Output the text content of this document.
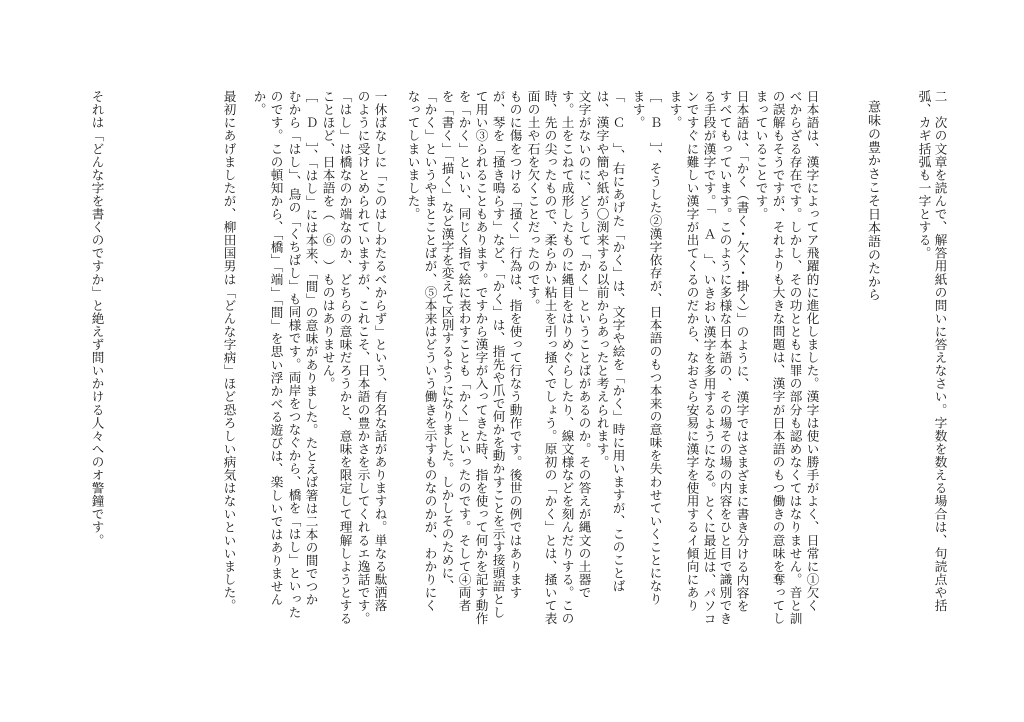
二　次の文章を読んで、解答用紙の問いに答えなさい。字数を数える場合は、句読点や括
弧、カギ括弧も一字とする。
意味の豊かさこそ日本語のたから
日本語は、漢字によってア飛躍的に進化しました。漢字は使い勝手がよく、日常に①欠く
べからざる存在です。しかし、その功とともに罪の部分も認めなくてはなりません。音と訓
の誤解もそうですが、それよりも大きな問題は、漢字が日本語のもつ働きの意味を奪ってし
まっていることです。
日本語は、「かく（書く・欠く・掛く）」のように、漢字ではさまざまに書き分ける内容を
すべてもっています。このように多様な日本語の、その場その場の内容をひと目で識別でき
る手段が漢字です。「　Ａ　」、いきおい漢字を多用するようになる。とくに最近は、パソコ
ンですぐに難しい漢字が出てくるのだから、なおさら安易に漢字を使用するイ傾向にあり
ます。
［　Ｂ　］、そうした②漢字依存が、日本語のもつ本来の意味を失わせていくことになり
ます。
「　Ｃ　」、右にあげた「かく」は、文字や絵を「かく」時に用いますが、このことば
は、漢字や簡や紙が〇渕来する以前からあったと考えられます。
文字がないのに、どうして「かく」ということばがあるのか。その答えが縄文の土器で
す。土をこねて成形したものに縄目をはりめぐらしたり、線文様などを刻んだりする。この
時、先の尖ったもので、柔らかい粘土を引っ掻くでしょう。原初の「かく」とは、掻いて表
面の土や石を欠くことだったのです。
ものに傷をつける「掻く」行為は、指を使って行なう動作です。後世の例ではあります
が、琴を「掻き鳴らす」など、「かく」は、指先や爪で何かを動かすことを示す接頭語とし
て用い③られることもあります。ですから漢字が入ってきた時、指を使って何かを記す動作
を「かく」といい、同じく指で絵に表わすことも「かく」といったのです。そして④両者
を「書く」「描く」など漢字を変えて区別するようになりました。しかしそのために、
「かく」というやまとことばが、⑤本来はどういう働きを示すものなのかが、わかりにく
なってしまいました。
一休ばなしに「このはしわたるべからず」という、有名な話がありますね。単なる駄洒落
のように受けとめられていますが、これこそ、日本語の豊かさを示してくれるエ逸話です。
「はし」は橋なのか端なのか、どちらの意味だろうかと、意味を限定して理解しようとする
ことほど、日本語を（　⑥　）ものはありません。
［　Ｄ　］、「はし」には本来、「間」の意味がありました。たとえば箸は二本の間でつか
むから「はし」、鳥の「くちばし」も同様です。両岸をつなぐから、橋を「はし」といった
のです。この頓知から、「橋」「端」「間」を思い浮かべる遊びは、楽しいではありません
か。
最初にあげましたが、柳田国男は「どんな字病」ほど恐ろしい病気はないといいました。
それは「どんな字を書くのですか」と絶えず問いかける人々へのオ警鐘です。
